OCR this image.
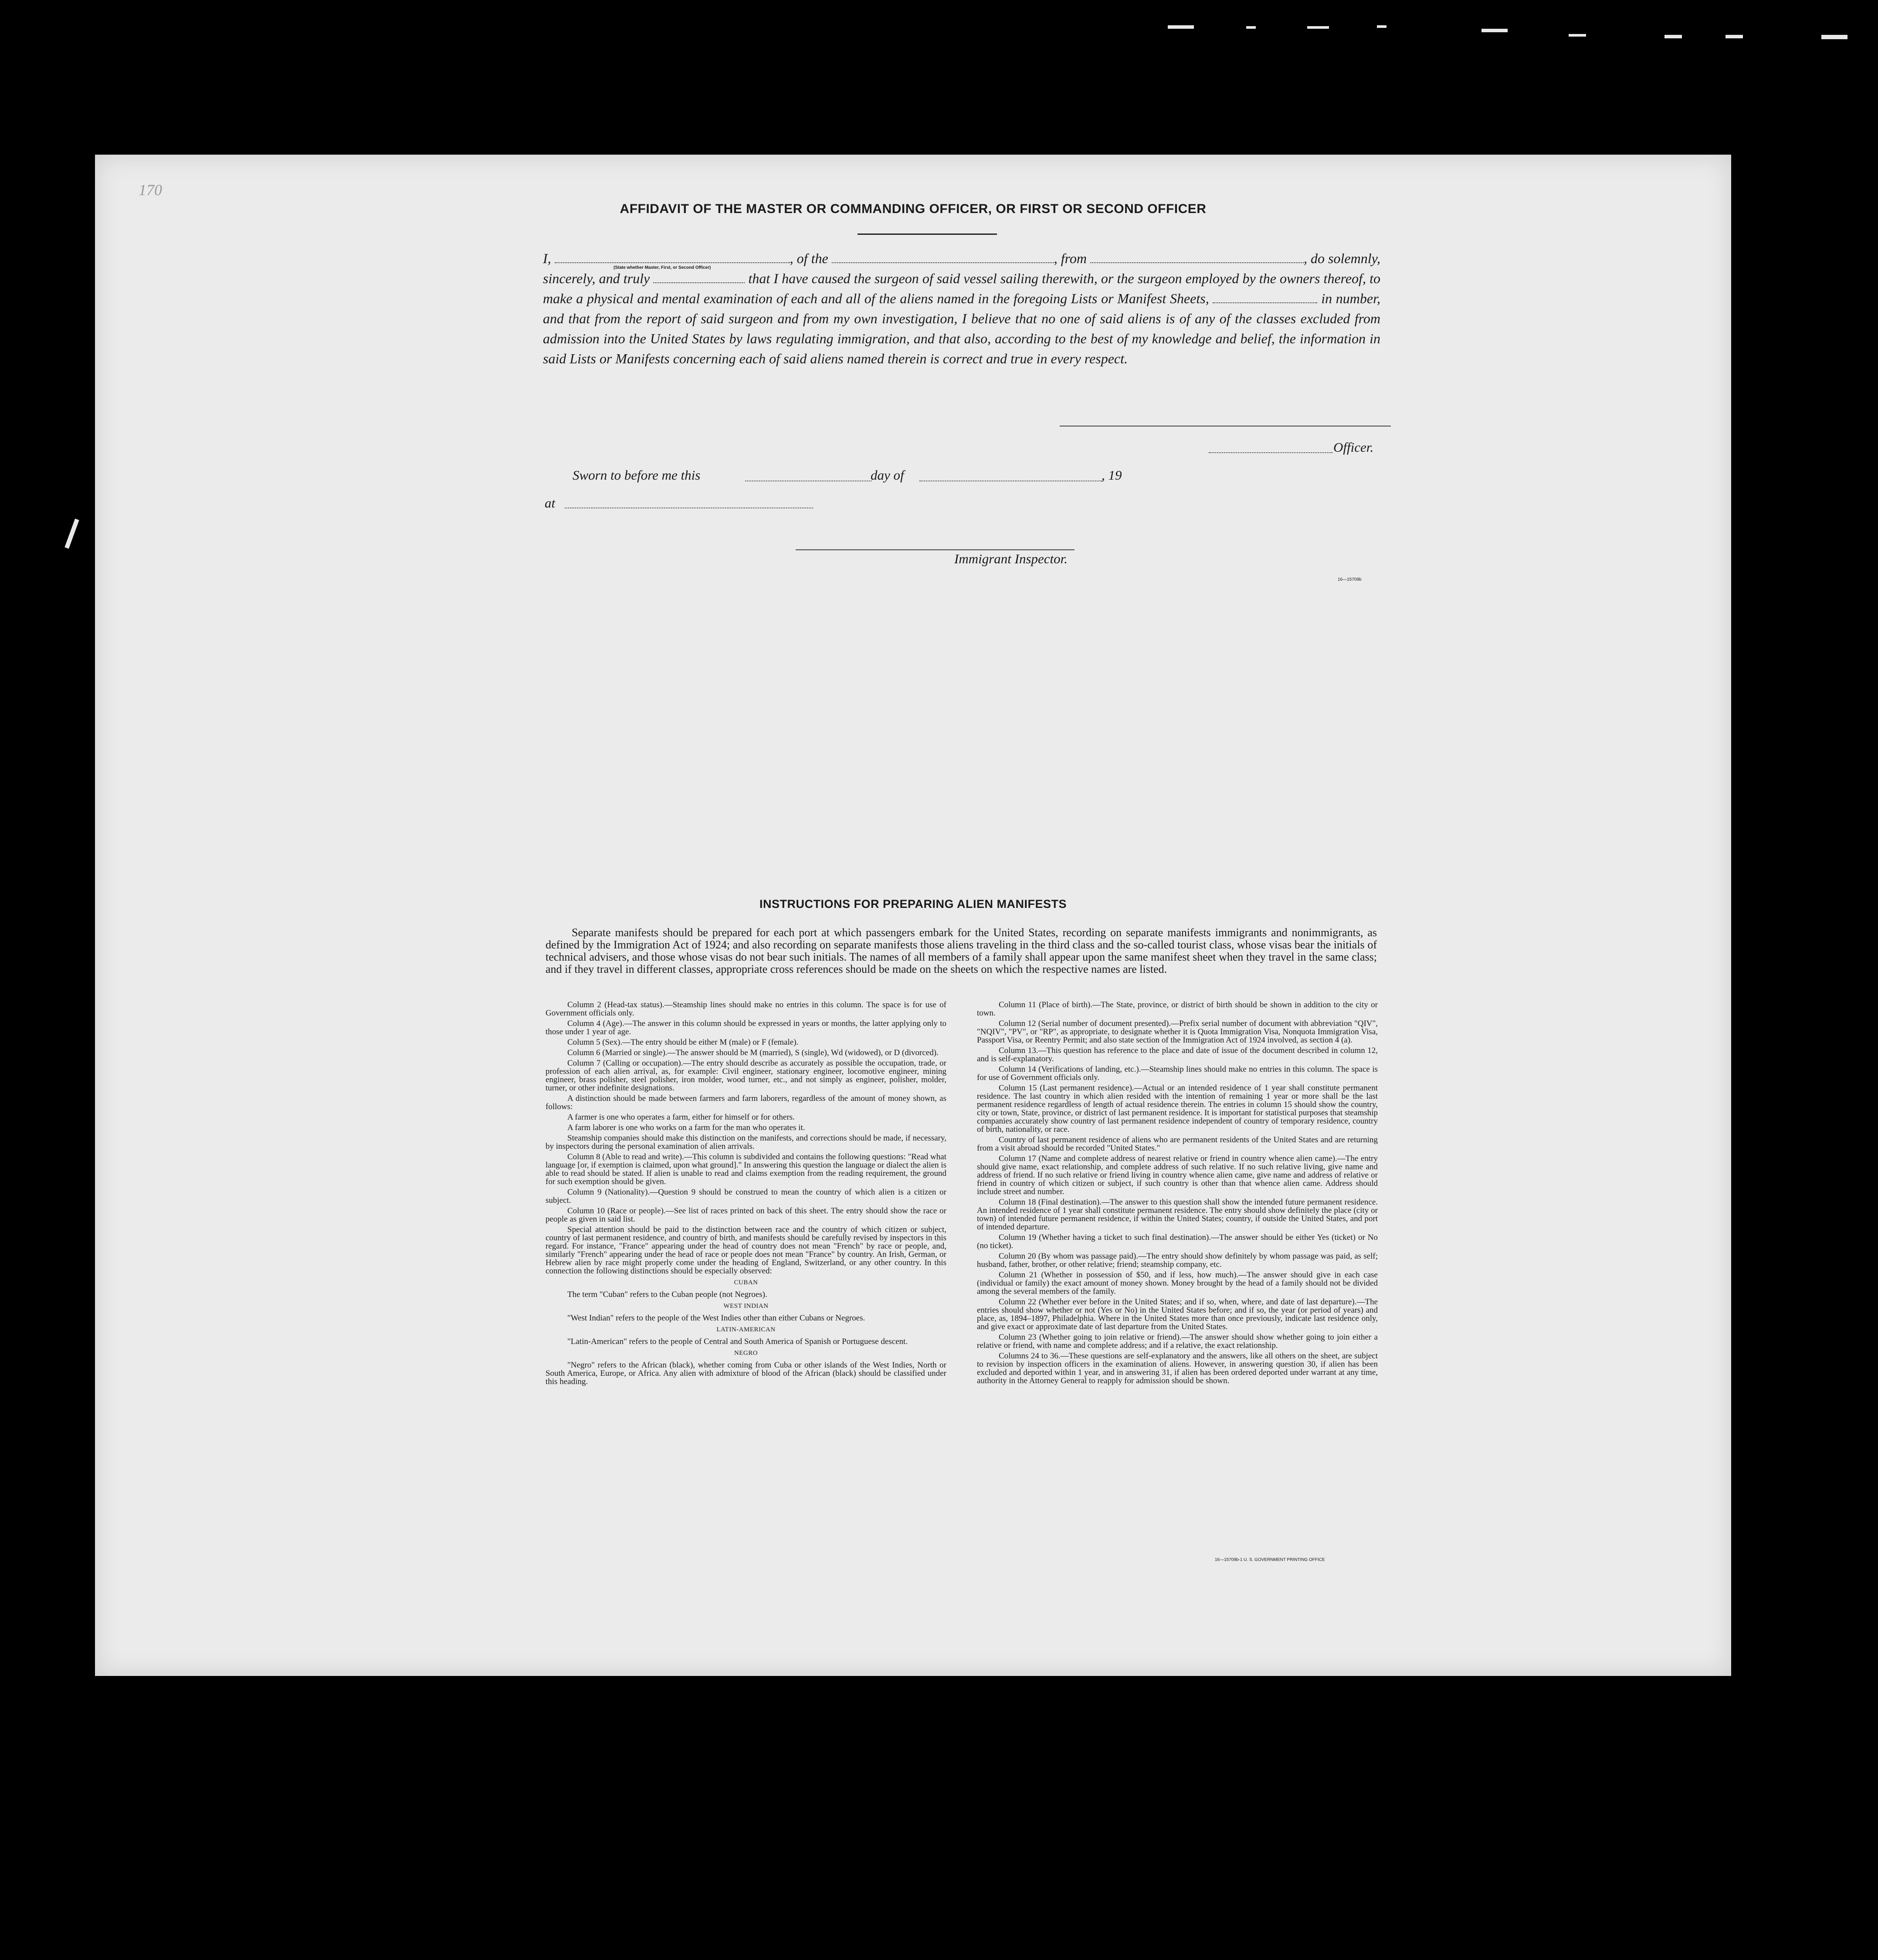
AFFIDAVIT OF THE MASTER OR COMMANDING OFFICER, OR FIRST OR SECOND OFFICER
(State whether Master, First, or Second Officer)
I,	, of the	, from	, do solemnly, sincerely, and truly	that I have caused the surgeon of said vessel sailing therewith, or the surgeon employed by the owners thereof, to make a physical and mental examination of each and all of the aliens named in the foregoing Lists or Manifest Sheets,	in number, and that from the report of said surgeon and from my own investigation, I believe that no one of said aliens is of any of the classes excluded from admission into the United States by laws regulating immigration, and that also, according to the best of my knowledge and belief, the information in said Lists or Manifests concerning each of said aliens named therein is correct and true in every respect.
Officer.
Sworn to before me this	day of	, 19
at
Immigrant Inspector.
16—15709b
170
INSTRUCTIONS FOR PREPARING ALIEN MANIFESTS
Separate manifests should be prepared for each port at which passengers embark for the United States, recording on separate manifests immigrants and nonimmigrants, as defined by the Immigration Act of 1924; and also recording on separate manifests those aliens traveling in the third class and the so-called tourist class, whose visas bear the initials of technical advisers, and those whose visas do not bear such initials. The names of all members of a family shall appear upon the same manifest sheet when they travel in the same class; and if they travel in different classes, appropriate cross references should be made on the sheets on which the respective names are listed.

Column 2 (Head-tax status).—Steamship lines should make no entries in this column. The space is for use of Government officials only.

Column 4 (Age).—The answer in this column should be expressed in years or months, the latter applying only to those under 1 year of age.

Column 5 (Sex).—The entry should be either M (male) or F (female).

Column 6 (Married or single).—The answer should be M (married), S (single), Wd (widowed), or D (divorced).

Column 7 (Calling or occupation).—The entry should describe as accurately as possible the occupation, trade, or profession of each alien arrival, as, for example: Civil engineer, stationary engineer, locomotive engineer, mining engineer, brass polisher, steel polisher, iron molder, wood turner, etc., and not simply as engineer, polisher, molder, turner, or other indefinite designations.

A distinction should be made between farmers and farm laborers, regardless of the amount of money shown, as follows:

A farmer is one who operates a farm, either for himself or for others.

A farm laborer is one who works on a farm for the man who operates it.

Steamship companies should make this distinction on the manifests, and corrections should be made, if necessary, by inspectors during the personal examination of alien arrivals.

Column 8 (Able to read and write).—This column is subdivided and contains the following questions: "Read what language [or, if exemption is claimed, upon what ground]." In answering this question the language or dialect the alien is able to read should be stated. If alien is unable to read and claims exemption from the reading requirement, the ground for such exemption should be given.

Column 9 (Nationality).—Question 9 should be construed to mean the country of which alien is a citizen or subject.

Column 10 (Race or people).—See list of races printed on back of this sheet. The entry should show the race or people as given in said list.

Special attention should be paid to the distinction between race and the country of which citizen or subject, country of last permanent residence, and country of birth, and manifests should be carefully revised by inspectors in this regard. For instance, "France" appearing under the head of country does not mean "French" by race or people, and, similarly "French" appearing under the head of race or people does not mean "France" by country. An Irish, German, or Hebrew alien by race might properly come under the heading of England, Switzerland, or any other country. In this connection the following distinctions should be especially observed:

CUBAN

The term "Cuban" refers to the Cuban people (not Negroes).

WEST INDIAN

"West Indian" refers to the people of the West Indies other than either Cubans or Negroes.

LATIN-AMERICAN

"Latin-American" refers to the people of Central and South America of Spanish or Portuguese descent.

NEGRO

"Negro" refers to the African (black), whether coming from Cuba or other islands of the West Indies, North or South America, Europe, or Africa. Any alien with admixture of blood of the African (black) should be classified under this heading.

Column 11 (Place of birth).—The State, province, or district of birth should be shown in addition to the city or town.

Column 12 (Serial number of document presented).—Prefix serial number of document with abbreviation "QIV", "NQIV", "PV", or "RP", as appropriate, to designate whether it is Quota Immigration Visa, Nonquota Immigration Visa, Passport Visa, or Reentry Permit; and also state section of the Immigration Act of 1924 involved, as section 4 (a).

Column 13.—This question has reference to the place and date of issue of the document described in column 12, and is self-explanatory.

Column 14 (Verifications of landing, etc.).—Steamship lines should make no entries in this column. The space is for use of Government officials only.

Column 15 (Last permanent residence).—Actual or an intended residence of 1 year shall constitute permanent residence. The last country in which alien resided with the intention of remaining 1 year or more shall be the last permanent residence regardless of length of actual residence therein. The entries in column 15 should show the country, city or town, State, province, or district of last permanent residence. It is important for statistical purposes that steamship companies accurately show country of last permanent residence independent of country of temporary residence, country of birth, nationality, or race.

Country of last permanent residence of aliens who are permanent residents of the United States and are returning from a visit abroad should be recorded "United States."

Column 17 (Name and complete address of nearest relative or friend in country whence alien came).—The entry should give name, exact relationship, and complete address of such relative. If no such relative living, give name and address of friend. If no such relative or friend living in country whence alien came, give name and address of relative or friend in country of which citizen or subject, if such country is other than that whence alien came. Address should include street and number.

Column 18 (Final destination).—The answer to this question shall show the intended future permanent residence. An intended residence of 1 year shall constitute permanent residence. The entry should show definitely the place (city or town) of intended future permanent residence, if within the United States; country, if outside the United States, and port of intended departure.

Column 19 (Whether having a ticket to such final destination).—The answer should be either Yes (ticket) or No (no ticket).

Column 20 (By whom was passage paid).—The entry should show definitely by whom passage was paid, as self; husband, father, brother, or other relative; friend; steamship company, etc.

Column 21 (Whether in possession of $50, and if less, how much).—The answer should give in each case (individual or family) the exact amount of money shown. Money brought by the head of a family should not be divided among the several members of the family.

Column 22 (Whether ever before in the United States; and if so, when, where, and date of last departure).—The entries should show whether or not (Yes or No) in the United States before; and if so, the year (or period of years) and place, as, 1894–1897, Philadelphia. Where in the United States more than once previously, indicate last residence only, and give exact or approximate date of last departure from the United States.

Column 23 (Whether going to join relative or friend).—The answer should show whether going to join either a relative or friend, with name and complete address; and if a relative, the exact relationship.

Columns 24 to 36.—These questions are self-explanatory and the answers, like all others on the sheet, are subject to revision by inspection officers in the examination of aliens. However, in answering question 30, if alien has been excluded and deported within 1 year, and in answering 31, if alien has been ordered deported under warrant at any time, authority in the Attorney General to reapply for admission should be shown.

16—15709b-1 U. S. GOVERNMENT PRINTING OFFICE
